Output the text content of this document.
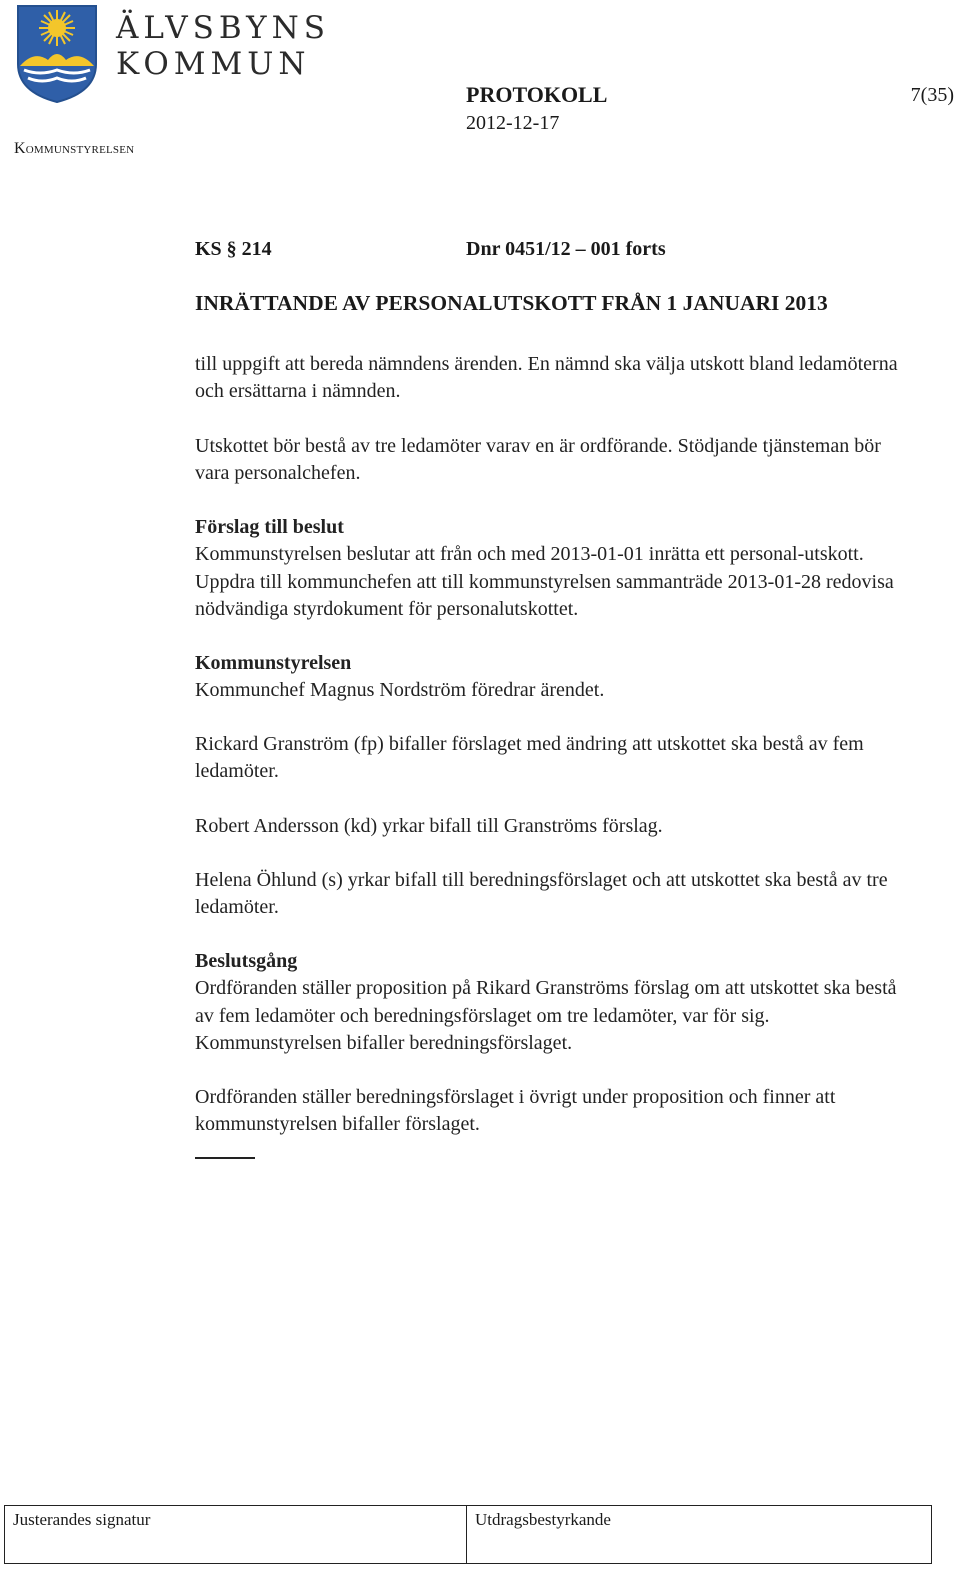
ÄLVSBYNS
KOMMUN
Kommunstyrelsen
PROTOKOLL
2012-12-17
7(35)
KS § 214	Dnr 0451/12 – 001 forts
INRÄTTANDE AV PERSONALUTSKOTT FRÅN 1 JANUARI 2013

till uppgift att bereda nämndens ärenden. En nämnd ska välja utskott bland ledamöterna och ersättarna i nämnden.

Utskottet bör bestå av tre ledamöter varav en är ordförande. Stödjande tjänsteman bör vara personalchefen.

Förslag till beslut

Kommunstyrelsen beslutar att från och med 2013-01-01 inrätta ett personal-utskott. Uppdra till kommunchefen att till kommunstyrelsen sammanträde 2013-01-28 redovisa nödvändiga styrdokument för personalutskottet.

Kommunstyrelsen

Kommunchef Magnus Nordström föredrar ärendet.

Rickard Granström (fp) bifaller förslaget med ändring att utskottet ska bestå av fem ledamöter.

Robert Andersson (kd) yrkar bifall till Granströms förslag.

Helena Öhlund (s) yrkar bifall till beredningsförslaget och att utskottet ska bestå av tre ledamöter.

Beslutsgång

Ordföranden ställer proposition på Rikard Granströms förslag om att utskottet ska bestå av fem ledamöter och beredningsförslaget om tre ledamöter, var för sig. Kommunstyrelsen bifaller beredningsförslaget.

Ordföranden ställer beredningsförslaget i övrigt under proposition och finner att kommunstyrelsen bifaller förslaget.

Justerandes signatur	Utdragsbestyrkande
